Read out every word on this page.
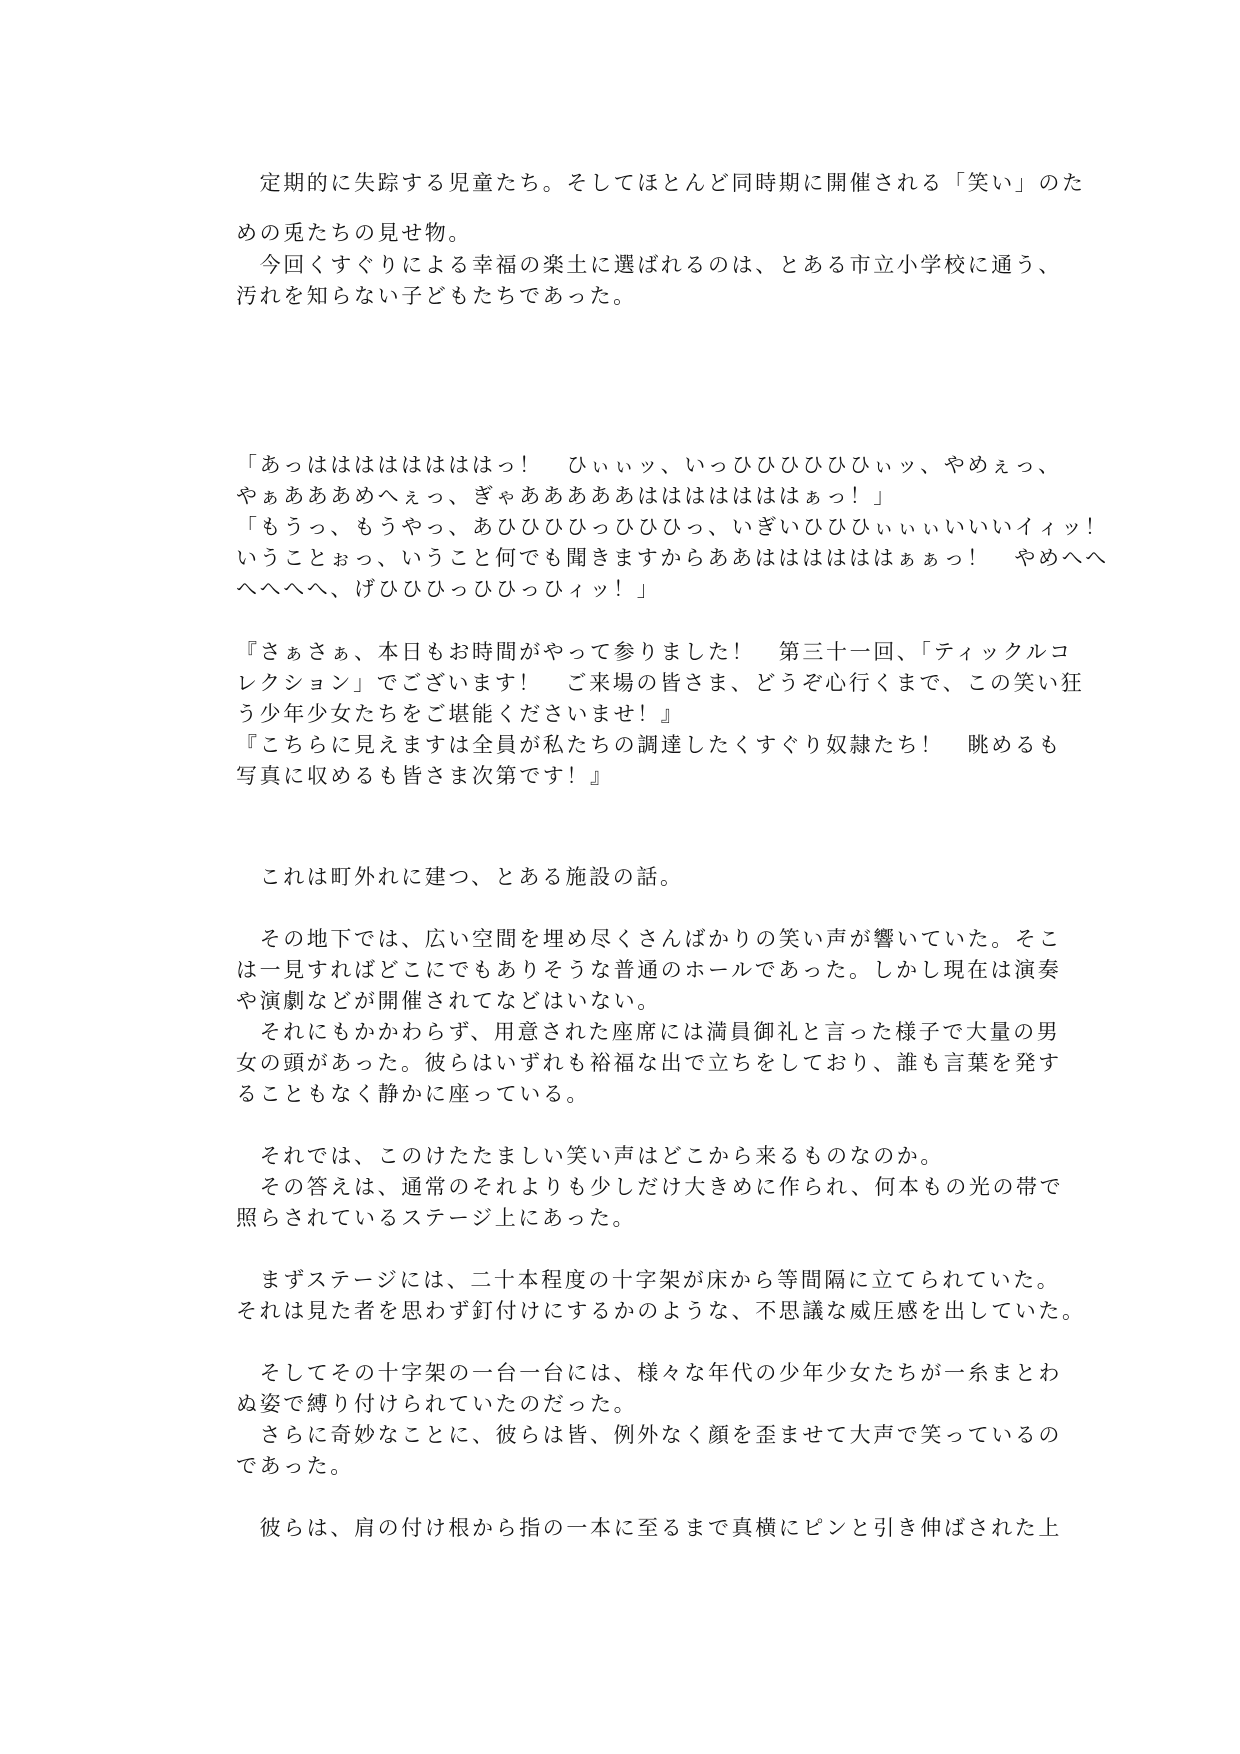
　定期的に失踪する児童たち。そしてほとんど同時期に開催される「笑い」のた

めの兎たちの見せ物。

　今回くすぐりによる幸福の楽土に選ばれるのは、とある市立小学校に通う、

汚れを知らない子どもたちであった。

「あっははははははははっ！　ひぃぃッ、いっひひひひひひぃッ、やめぇっ、

やぁあああめへぇっ、ぎゃあああああはははははははぁっ！」

「もうっ、もうやっ、あひひひひっひひひっ、いぎいひひひぃぃぃいいいイィッ！

いうことぉっ、いうこと何でも聞きますからああははははははぁぁっ！　やめへへ

へへへへ、げひひひっひひっひィッ！」

『さぁさぁ、本日もお時間がやって参りました！　第三十一回、「ティックルコ

レクション」でございます！　ご来場の皆さま、どうぞ心行くまで、この笑い狂

う少年少女たちをご堪能くださいませ！』

『こちらに見えますは全員が私たちの調達したくすぐり奴隷たち！　眺めるも

写真に収めるも皆さま次第です！』

　これは町外れに建つ、とある施設の話。

　その地下では、広い空間を埋め尽くさんばかりの笑い声が響いていた。そこ

は一見すればどこにでもありそうな普通のホールであった。しかし現在は演奏

や演劇などが開催されてなどはいない。

　それにもかかわらず、用意された座席には満員御礼と言った様子で大量の男

女の頭があった。彼らはいずれも裕福な出で立ちをしており、誰も言葉を発す

ることもなく静かに座っている。

　それでは、このけたたましい笑い声はどこから来るものなのか。

　その答えは、通常のそれよりも少しだけ大きめに作られ、何本もの光の帯で

照らされているステージ上にあった。

　まずステージには、二十本程度の十字架が床から等間隔に立てられていた。

それは見た者を思わず釘付けにするかのような、不思議な威圧感を出していた。

　そしてその十字架の一台一台には、様々な年代の少年少女たちが一糸まとわ

ぬ姿で縛り付けられていたのだった。

　さらに奇妙なことに、彼らは皆、例外なく顔を歪ませて大声で笑っているの

であった。

　彼らは、肩の付け根から指の一本に至るまで真横にピンと引き伸ばされた上
